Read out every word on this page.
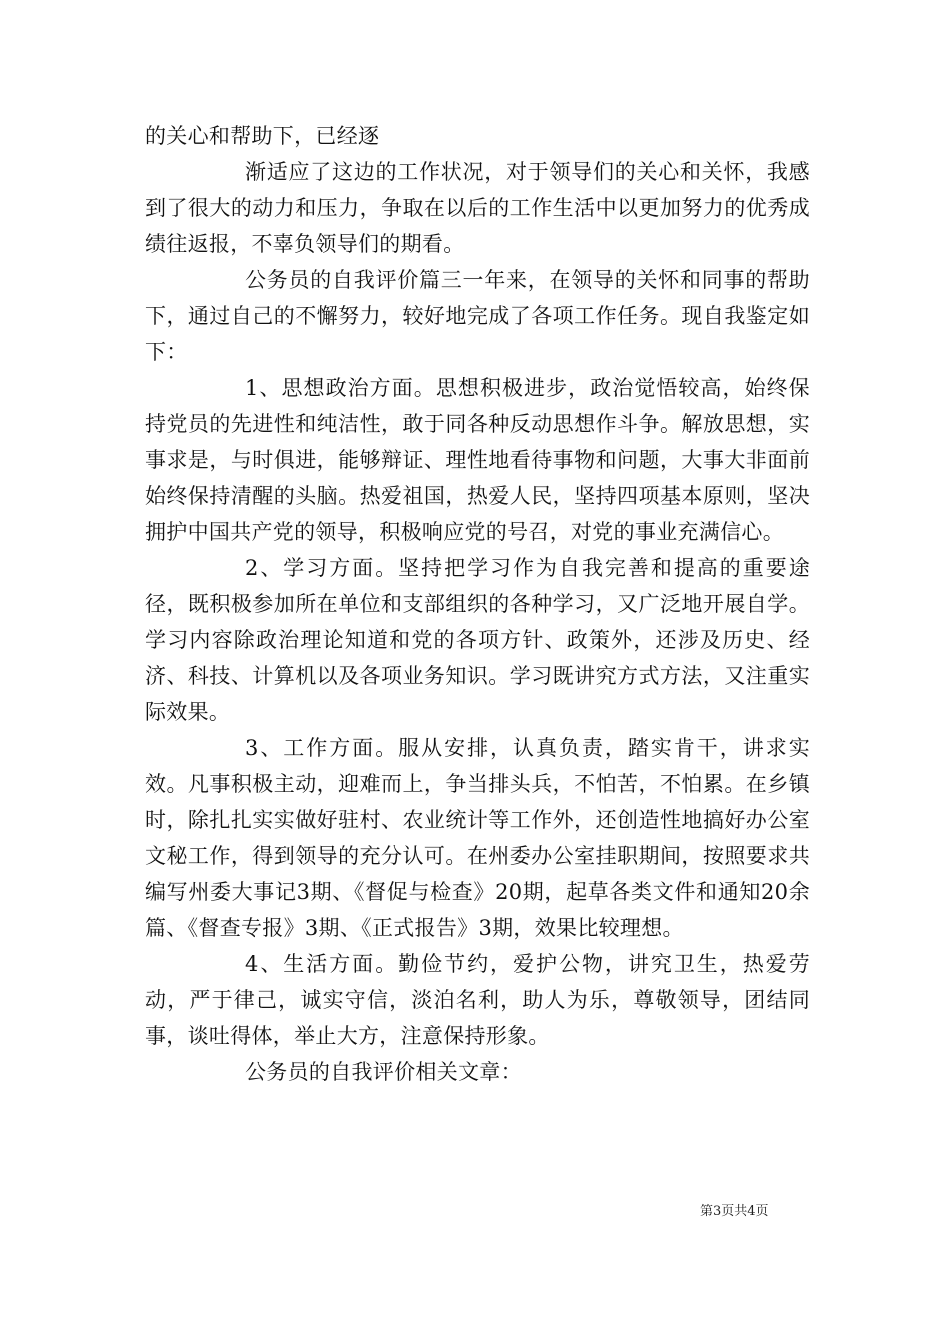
的关心和帮助下，已经逐

渐适应了这边的工作状况，对于领导们的关心和关怀，我感到了很大的动力和压力，争取在以后的工作生活中以更加努力的优秀成绩往返报，不辜负领导们的期看。

公务员的自我评价篇三一年来，在领导的关怀和同事的帮助下，通过自己的不懈努力，较好地完成了各项工作任务。现自我鉴定如下：

1、思想政治方面。思想积极进步，政治觉悟较高，始终保持党员的先进性和纯洁性，敢于同各种反动思想作斗争。解放思想，实事求是，与时俱进，能够辩证、理性地看待事物和问题，大事大非面前始终保持清醒的头脑。热爱祖国，热爱人民，坚持四项基本原则，坚决拥护中国共产党的领导，积极响应党的号召，对党的事业充满信心。

2、学习方面。坚持把学习作为自我完善和提高的重要途径，既积极参加所在单位和支部组织的各种学习，又广泛地开展自学。学习内容除政治理论知道和党的各项方针、政策外，还涉及历史、经济、科技、计算机以及各项业务知识。学习既讲究方式方法，又注重实际效果。

3、工作方面。服从安排，认真负责，踏实肯干，讲求实效。凡事积极主动，迎难而上，争当排头兵，不怕苦，不怕累。在乡镇时，除扎扎实实做好驻村、农业统计等工作外，还创造性地搞好办公室文秘工作，得到领导的充分认可。在州委办公室挂职期间，按照要求共编写州委大事记3期、《督促与检查》20期，起草各类文件和通知20余篇、《督查专报》3期、《正式报告》3期，效果比较理想。

4、生活方面。勤俭节约，爱护公物，讲究卫生，热爱劳动，严于律己，诚实守信，淡泊名利，助人为乐，尊敬领导，团结同事，谈吐得体，举止大方，注意保持形象。

公务员的自我评价相关文章：

第3页共4页
